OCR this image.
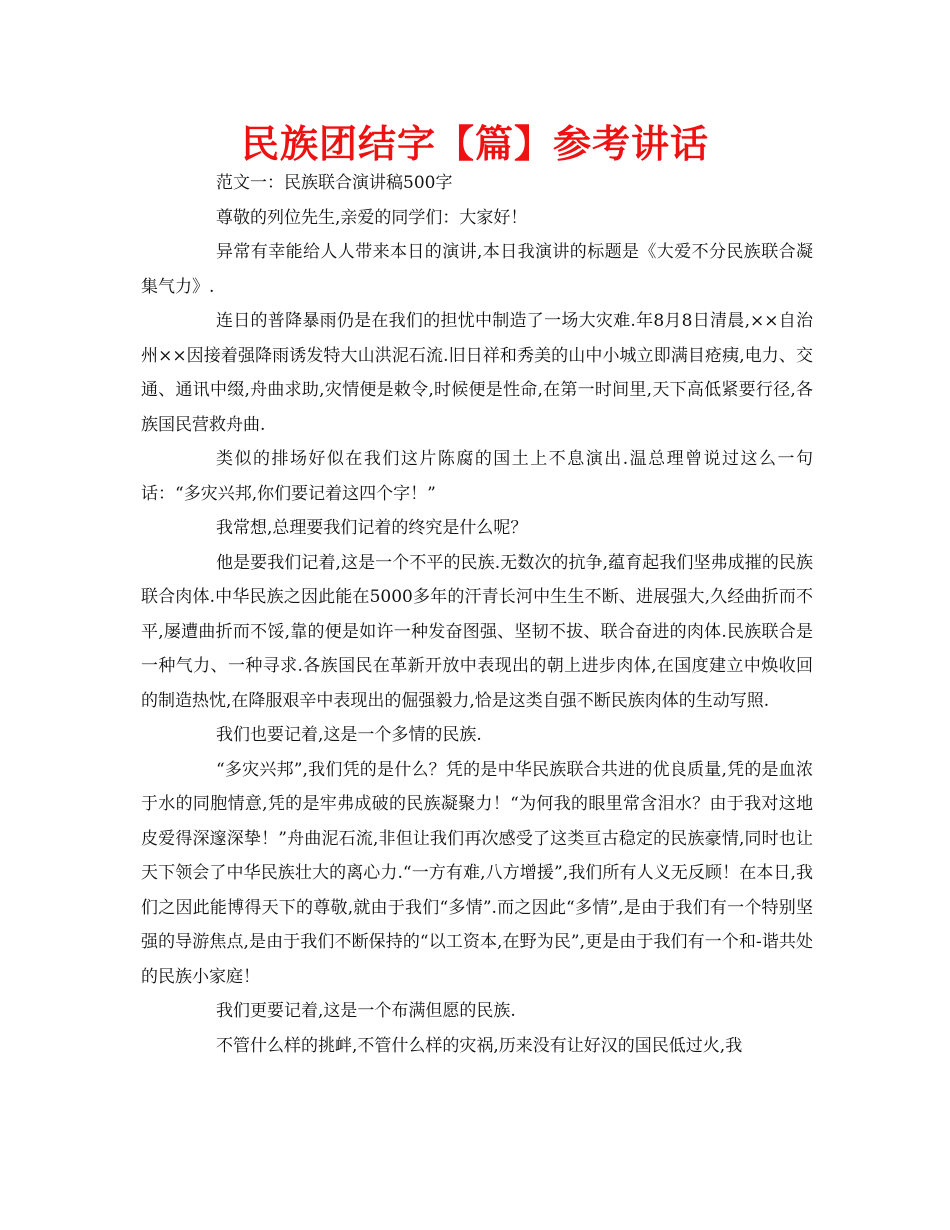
民族团结字【篇】参考讲话

范文一：民族联合演讲稿500字

尊敬的列位先生,亲爱的同学们：大家好！

异常有幸能给人人带来本日的演讲,本日我演讲的标题是《大爱不分民族联合凝集气力》.

连日的普降暴雨仍是在我们的担忧中制造了一场大灾难.年8月8日清晨,××自治州××因接着强降雨诱发特大山洪泥石流.旧日祥和秀美的山中小城立即满目疮痍,电力、交通、通讯中缀,舟曲求助,灾情便是敕令,时候便是性命,在第一时间里,天下高低紧要行径,各族国民营救舟曲.

类似的排场好似在我们这片陈腐的国土上不息演出.温总理曾说过这么一句话：“多灾兴邦,你们要记着这四个字！”

我常想,总理要我们记着的终究是什么呢？

他是要我们记着,这是一个不平的民族.无数次的抗争,蕴育起我们坚弗成摧的民族联合肉体.中华民族之因此能在5000多年的汗青长河中生生不断、进展强大,久经曲折而不平,屡遭曲折而不馁,靠的便是如许一种发奋图强、坚韧不拔、联合奋进的肉体.民族联合是一种气力、一种寻求.各族国民在革新开放中表现出的朝上进步肉体,在国度建立中焕收回的制造热忱,在降服艰辛中表现出的倔强毅力,恰是这类自强不断民族肉体的生动写照.

我们也要记着,这是一个多情的民族.

“多灾兴邦”,我们凭的是什么？凭的是中华民族联合共进的优良质量,凭的是血浓于水的同胞情意,凭的是牢弗成破的民族凝聚力！“为何我的眼里常含泪水？由于我对这地皮爱得深邃深挚！”舟曲泥石流,非但让我们再次感受了这类亘古稳定的民族豪情,同时也让天下领会了中华民族壮大的离心力.“一方有难,八方增援”,我们所有人义无反顾！在本日,我们之因此能博得天下的尊敬,就由于我们“多情”.而之因此“多情”,是由于我们有一个特别坚强的导游焦点,是由于我们不断保持的“以工资本,在野为民”,更是由于我们有一个和-谐共处的民族小家庭！

我们更要记着,这是一个布满但愿的民族.

不管什么样的挑衅,不管什么样的灾祸,历来没有让好汉的国民低过火,我
